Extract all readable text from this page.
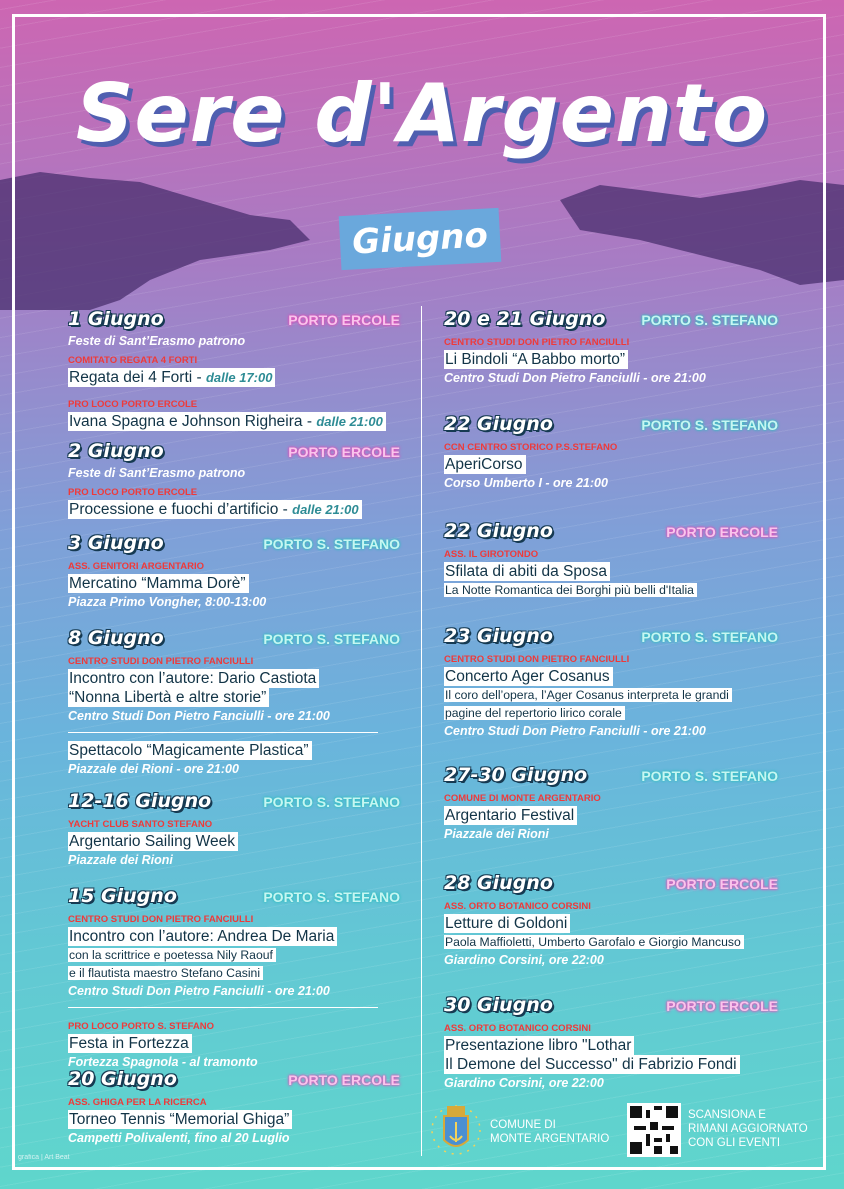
Sere d'Argento
Giugno
1 Giugno	PORTO ERCOLE
Feste di Sant’Erasmo patrono
COMITATO REGATA 4 FORTI
Regata dei 4 Forti - dalle 17:00
PRO LOCO PORTO ERCOLE
Ivana Spagna e Johnson Righeira - dalle 21:00
2 Giugno	PORTO ERCOLE
Feste di Sant’Erasmo patrono
PRO LOCO PORTO ERCOLE
Processione e fuochi d’artificio - dalle 21:00
3 Giugno	PORTO S. STEFANO
ASS. GENITORI ARGENTARIO
Mercatino “Mamma Dorè”
Piazza Primo Vongher, 8:00-13:00
8 Giugno	PORTO S. STEFANO
CENTRO STUDI DON PIETRO FANCIULLI
Incontro con l’autore: Dario Castiota
“Nonna Libertà e altre storie”
Centro Studi Don Pietro Fanciulli - ore 21:00
Spettacolo “Magicamente Plastica”
Piazzale dei Rioni - ore 21:00
12-16 Giugno	PORTO S. STEFANO
YACHT CLUB SANTO STEFANO
Argentario Sailing Week
Piazzale dei Rioni
15 Giugno	PORTO S. STEFANO
CENTRO STUDI DON PIETRO FANCIULLI
Incontro con l’autore: Andrea De Maria
con la scrittrice e poetessa Nily Raouf
e il flautista maestro Stefano Casini
Centro Studi Don Pietro Fanciulli - ore 21:00
PRO LOCO PORTO S. STEFANO
Festa in Fortezza
Fortezza Spagnola - al tramonto
20 Giugno	PORTO ERCOLE
ASS. GHIGA PER LA RICERCA
Torneo Tennis “Memorial Ghiga”
Campetti Polivalenti, fino al 20 Luglio
20 e 21 Giugno	PORTO S. STEFANO
CENTRO STUDI DON PIETRO FANCIULLI
Li Bindoli “A Babbo morto”
Centro Studi Don Pietro Fanciulli - ore 21:00
22 Giugno	PORTO S. STEFANO
CCN CENTRO STORICO P.S.STEFANO
AperiCorso
Corso Umberto I - ore 21:00
22 Giugno	PORTO ERCOLE
ASS. IL GIROTONDO
Sfilata di abiti da Sposa
La Notte Romantica dei Borghi più belli d'Italia
23 Giugno	PORTO S. STEFANO
CENTRO STUDI DON PIETRO FANCIULLI
Concerto Ager Cosanus
Il coro dell’opera, l’Ager Cosanus interpreta le grandi
pagine del repertorio lirico corale
Centro Studi Don Pietro Fanciulli - ore 21:00
27-30 Giugno	PORTO S. STEFANO
COMUNE DI MONTE ARGENTARIO
Argentario Festival
Piazzale dei Rioni
28 Giugno	PORTO ERCOLE
ASS. ORTO BOTANICO CORSINI
Letture di Goldoni
Paola Maffioletti, Umberto Garofalo e Giorgio Mancuso
Giardino Corsini, ore 22:00
30 Giugno	PORTO ERCOLE
ASS. ORTO BOTANICO CORSINI
Presentazione libro "Lothar
Il Demone del Successo" di Fabrizio Fondi
Giardino Corsini, ore 22:00
COMUNE DI
MONTE ARGENTARIO
SCANSIONA E
RIMANI AGGIORNATO
CON GLI EVENTI
grafica | Art Beat
